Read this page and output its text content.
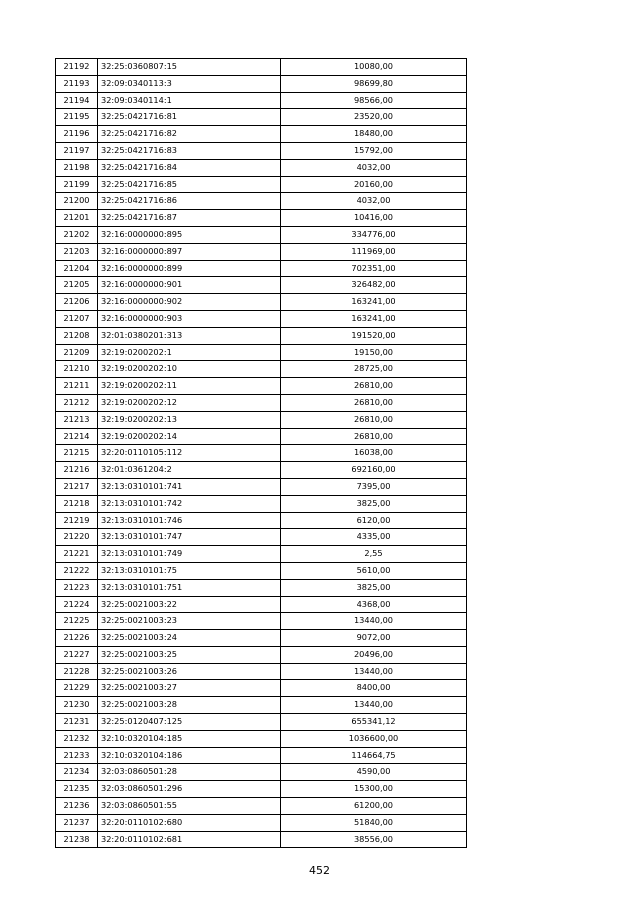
21192	32:25:0360807:15	10080,00
21193	32:09:0340113:3	98699,80
21194	32:09:0340114:1	98566,00
21195	32:25:0421716:81	23520,00
21196	32:25:0421716:82	18480,00
21197	32:25:0421716:83	15792,00
21198	32:25:0421716:84	4032,00
21199	32:25:0421716:85	20160,00
21200	32:25:0421716:86	4032,00
21201	32:25:0421716:87	10416,00
21202	32:16:0000000:895	334776,00
21203	32:16:0000000:897	111969,00
21204	32:16:0000000:899	702351,00
21205	32:16:0000000:901	326482,00
21206	32:16:0000000:902	163241,00
21207	32:16:0000000:903	163241,00
21208	32:01:0380201:313	191520,00
21209	32:19:0200202:1	19150,00
21210	32:19:0200202:10	28725,00
21211	32:19:0200202:11	26810,00
21212	32:19:0200202:12	26810,00
21213	32:19:0200202:13	26810,00
21214	32:19:0200202:14	26810,00
21215	32:20:0110105:112	16038,00
21216	32:01:0361204:2	692160,00
21217	32:13:0310101:741	7395,00
21218	32:13:0310101:742	3825,00
21219	32:13:0310101:746	6120,00
21220	32:13:0310101:747	4335,00
21221	32:13:0310101:749	2,55
21222	32:13:0310101:75	5610,00
21223	32:13:0310101:751	3825,00
21224	32:25:0021003:22	4368,00
21225	32:25:0021003:23	13440,00
21226	32:25:0021003:24	9072,00
21227	32:25:0021003:25	20496,00
21228	32:25:0021003:26	13440,00
21229	32:25:0021003:27	8400,00
21230	32:25:0021003:28	13440,00
21231	32:25:0120407:125	655341,12
21232	32:10:0320104:185	1036600,00
21233	32:10:0320104:186	114664,75
21234	32:03:0860501:28	4590,00
21235	32:03:0860501:296	15300,00
21236	32:03:0860501:55	61200,00
21237	32:20:0110102:680	51840,00
21238	32:20:0110102:681	38556,00
452
